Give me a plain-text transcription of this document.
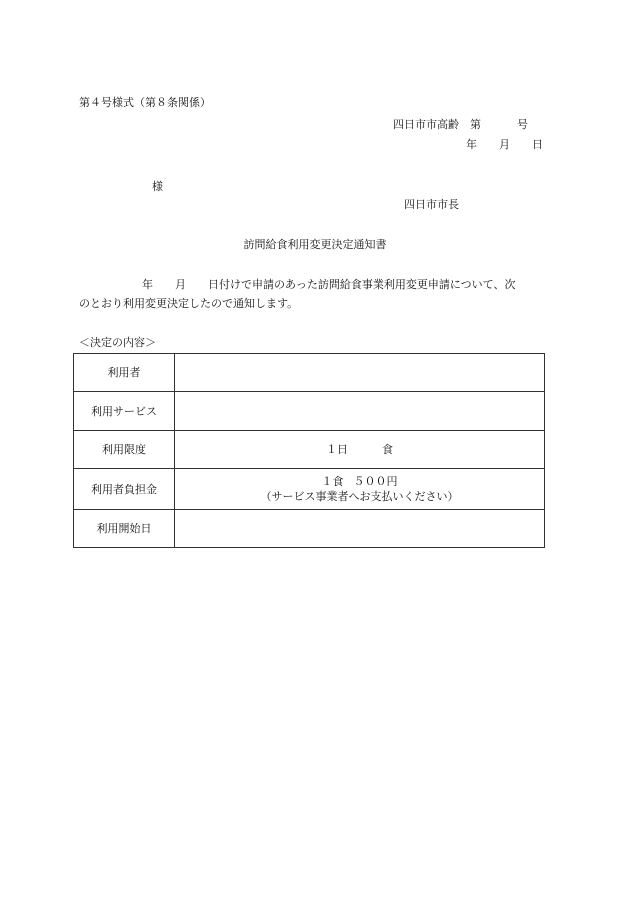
第４号様式（第８条関係）
四日市市高齢　 第	号
年 月 日
様
四日市市長
訪問給食利用変更決定通知書
年 月 日付けで申請のあった訪問給食事業利用変更申請について、次
のとおり利用変更決定したので通知します。
＜決定の内容＞
利用者	
利用サービス	
利用限度	１日 食
利用者負担金	１食 ５００円
（サービス事業者へお支払いください）

利用開始日	
